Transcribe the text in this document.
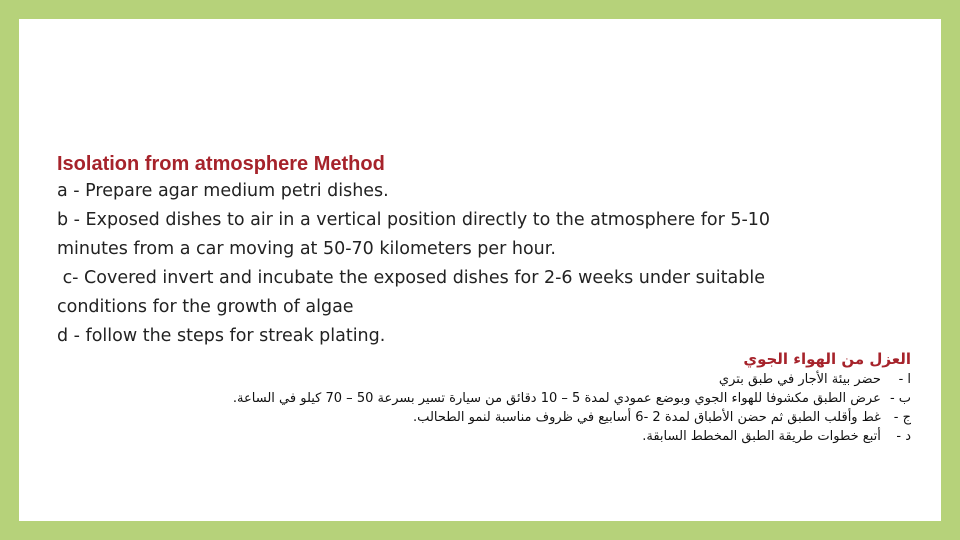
Isolation from atmosphere Method

a - Prepare agar medium petri dishes.

b - Exposed dishes to air in a vertical position directly to the atmosphere for 5-10

minutes from a car moving at 50-70 kilometers per hour.

c- Covered invert and incubate the exposed dishes for 2-6 weeks under suitable

conditions for the growth of algae

d - follow the steps for streak plating.

العزل من الهواء الجوي

ا - حضر بيئة الأجار في طبق بتري

ب - عرض الطبق مكشوفا للهواء الجوي وبوضع عمودي لمدة 5 – 10 دقائق من سيارة تسير بسرعة 50 – 70 كيلو في الساعة.

ج - غط وأقلب الطبق ثم حضن الأطباق لمدة 2 -6 أسابيع في ظروف مناسبة لنمو الطحالب.

د - أتبع خطوات طريقة الطبق المخطط السابقة.
